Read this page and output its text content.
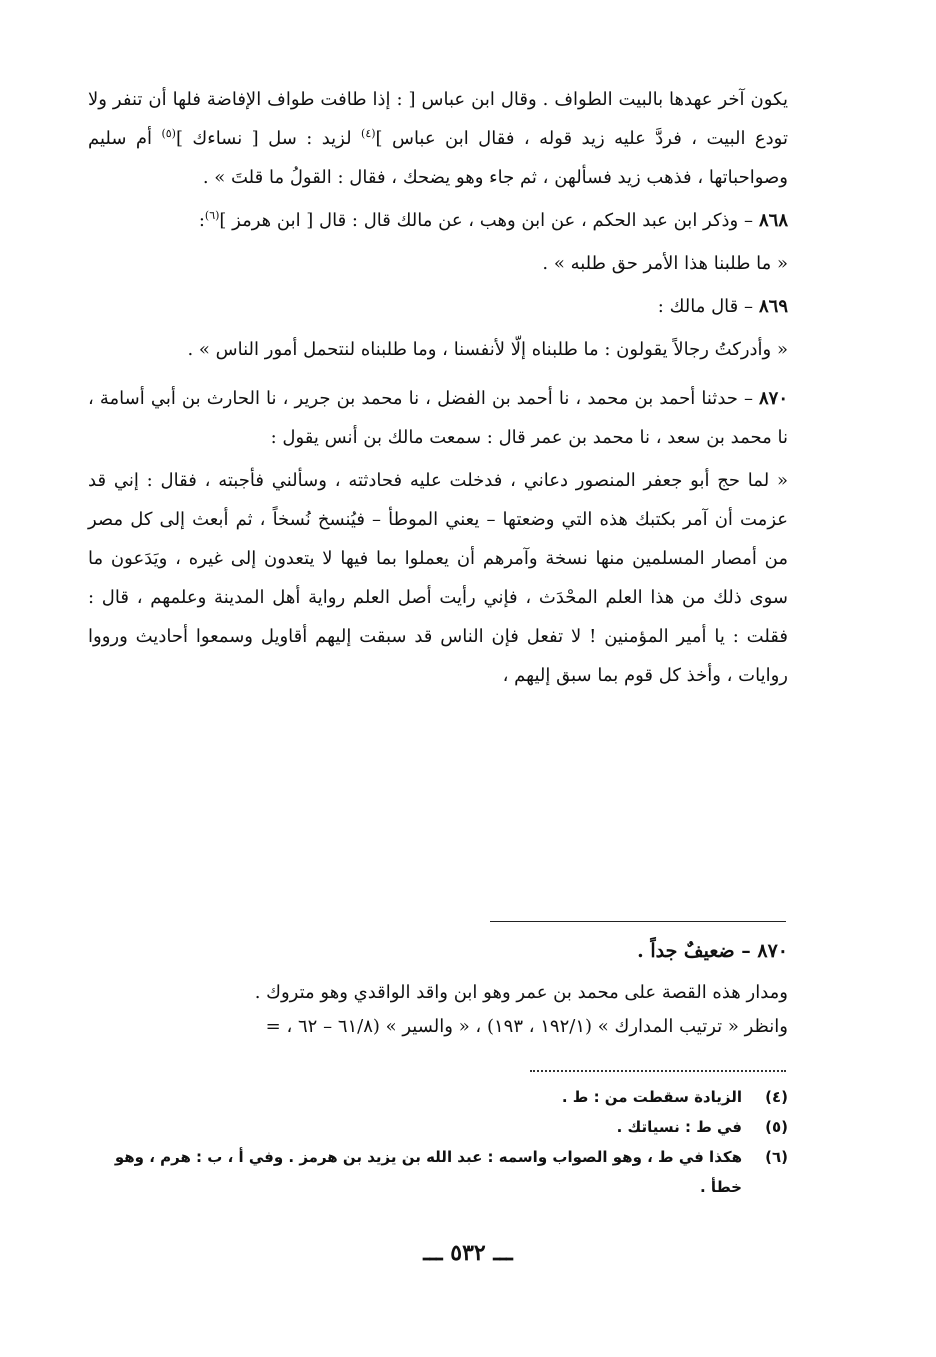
يكون آخر عهدها بالبيت الطواف . وقال ابن عباس [ : إذا طافت طواف الإفاضة فلها أن تنفر ولا تودع البيت ، فردَّ عليه زيد قوله ، فقال ابن عباس ]$^{(٤)}$ لزيد : سل [ نساءك ]$^{(٥)}$ أم سليم وصواحباتها ، فذهب زيد فسألهن ، ثم جاء وهو يضحك ، فقال : القولُ ما قلتَ » .

٨٦٨– وذكر ابن عبد الحكم ، عن ابن وهب ، عن مالك قال : قال [ ابن هرمز ]$^{(٦)}$:

« ما طلبنا هذا الأمر حق طلبه » .

٨٦٩– قال مالك :

« وأدركتُ رجالاً يقولون : ما طلبناه إلّا لأنفسنا ، وما طلبناه لنتحمل أمور الناس » .

٨٧٠– حدثنا أحمد بن محمد ، نا أحمد بن الفضل ، نا محمد بن جرير ، نا الحارث بن أبي أسامة ، نا محمد بن سعد ، نا محمد بن عمر قال : سمعت مالك بن أنس يقول :

« لما حج أبو جعفر المنصور دعاني ، فدخلت عليه فحادثته ، وسألني فأجبته ، فقال : إني قد عزمت أن آمر بكتبك هذه التي وضعتها – يعني الموطأ – فيُنسخ نُسخاً ، ثم أبعث إلى كل مصر من أمصار المسلمين منها نسخة وآمرهم أن يعملوا بما فيها لا يتعدون إلى غيره ، ويَدَعون ما سوى ذلك من هذا العلم المحْدَث ، فإني رأيت أصل العلم رواية أهل المدينة وعلمهم ، قال : فقلت : يا أمير المؤمنين ! لا تفعل فإن الناس قد سبقت إليهم أقاويل وسمعوا أحاديث ورووا روايات ، وأخذ كل قوم بما سبق إليهم ،

٨٧٠ – ضعيفٌ جداً .
ومدار هذه القصة على محمد بن عمر وهو ابن واقد الواقدي وهو متروك .
وانظر « ترتيب المدارك » (١٩٢/١ ، ١٩٣) ، « والسير » (٦١/٨ – ٦٢ ، =
(٤)
الزيادة سقطت من : ط .
(٥)
في ط : نسياتك .
(٦)
هكذا في ط ، وهو الصواب واسمه : عبد الله بن يزيد بن هرمز . وفي أ ، ب : هرم ، وهو خطأ .
ـــ ٥٣٢ ـــ
